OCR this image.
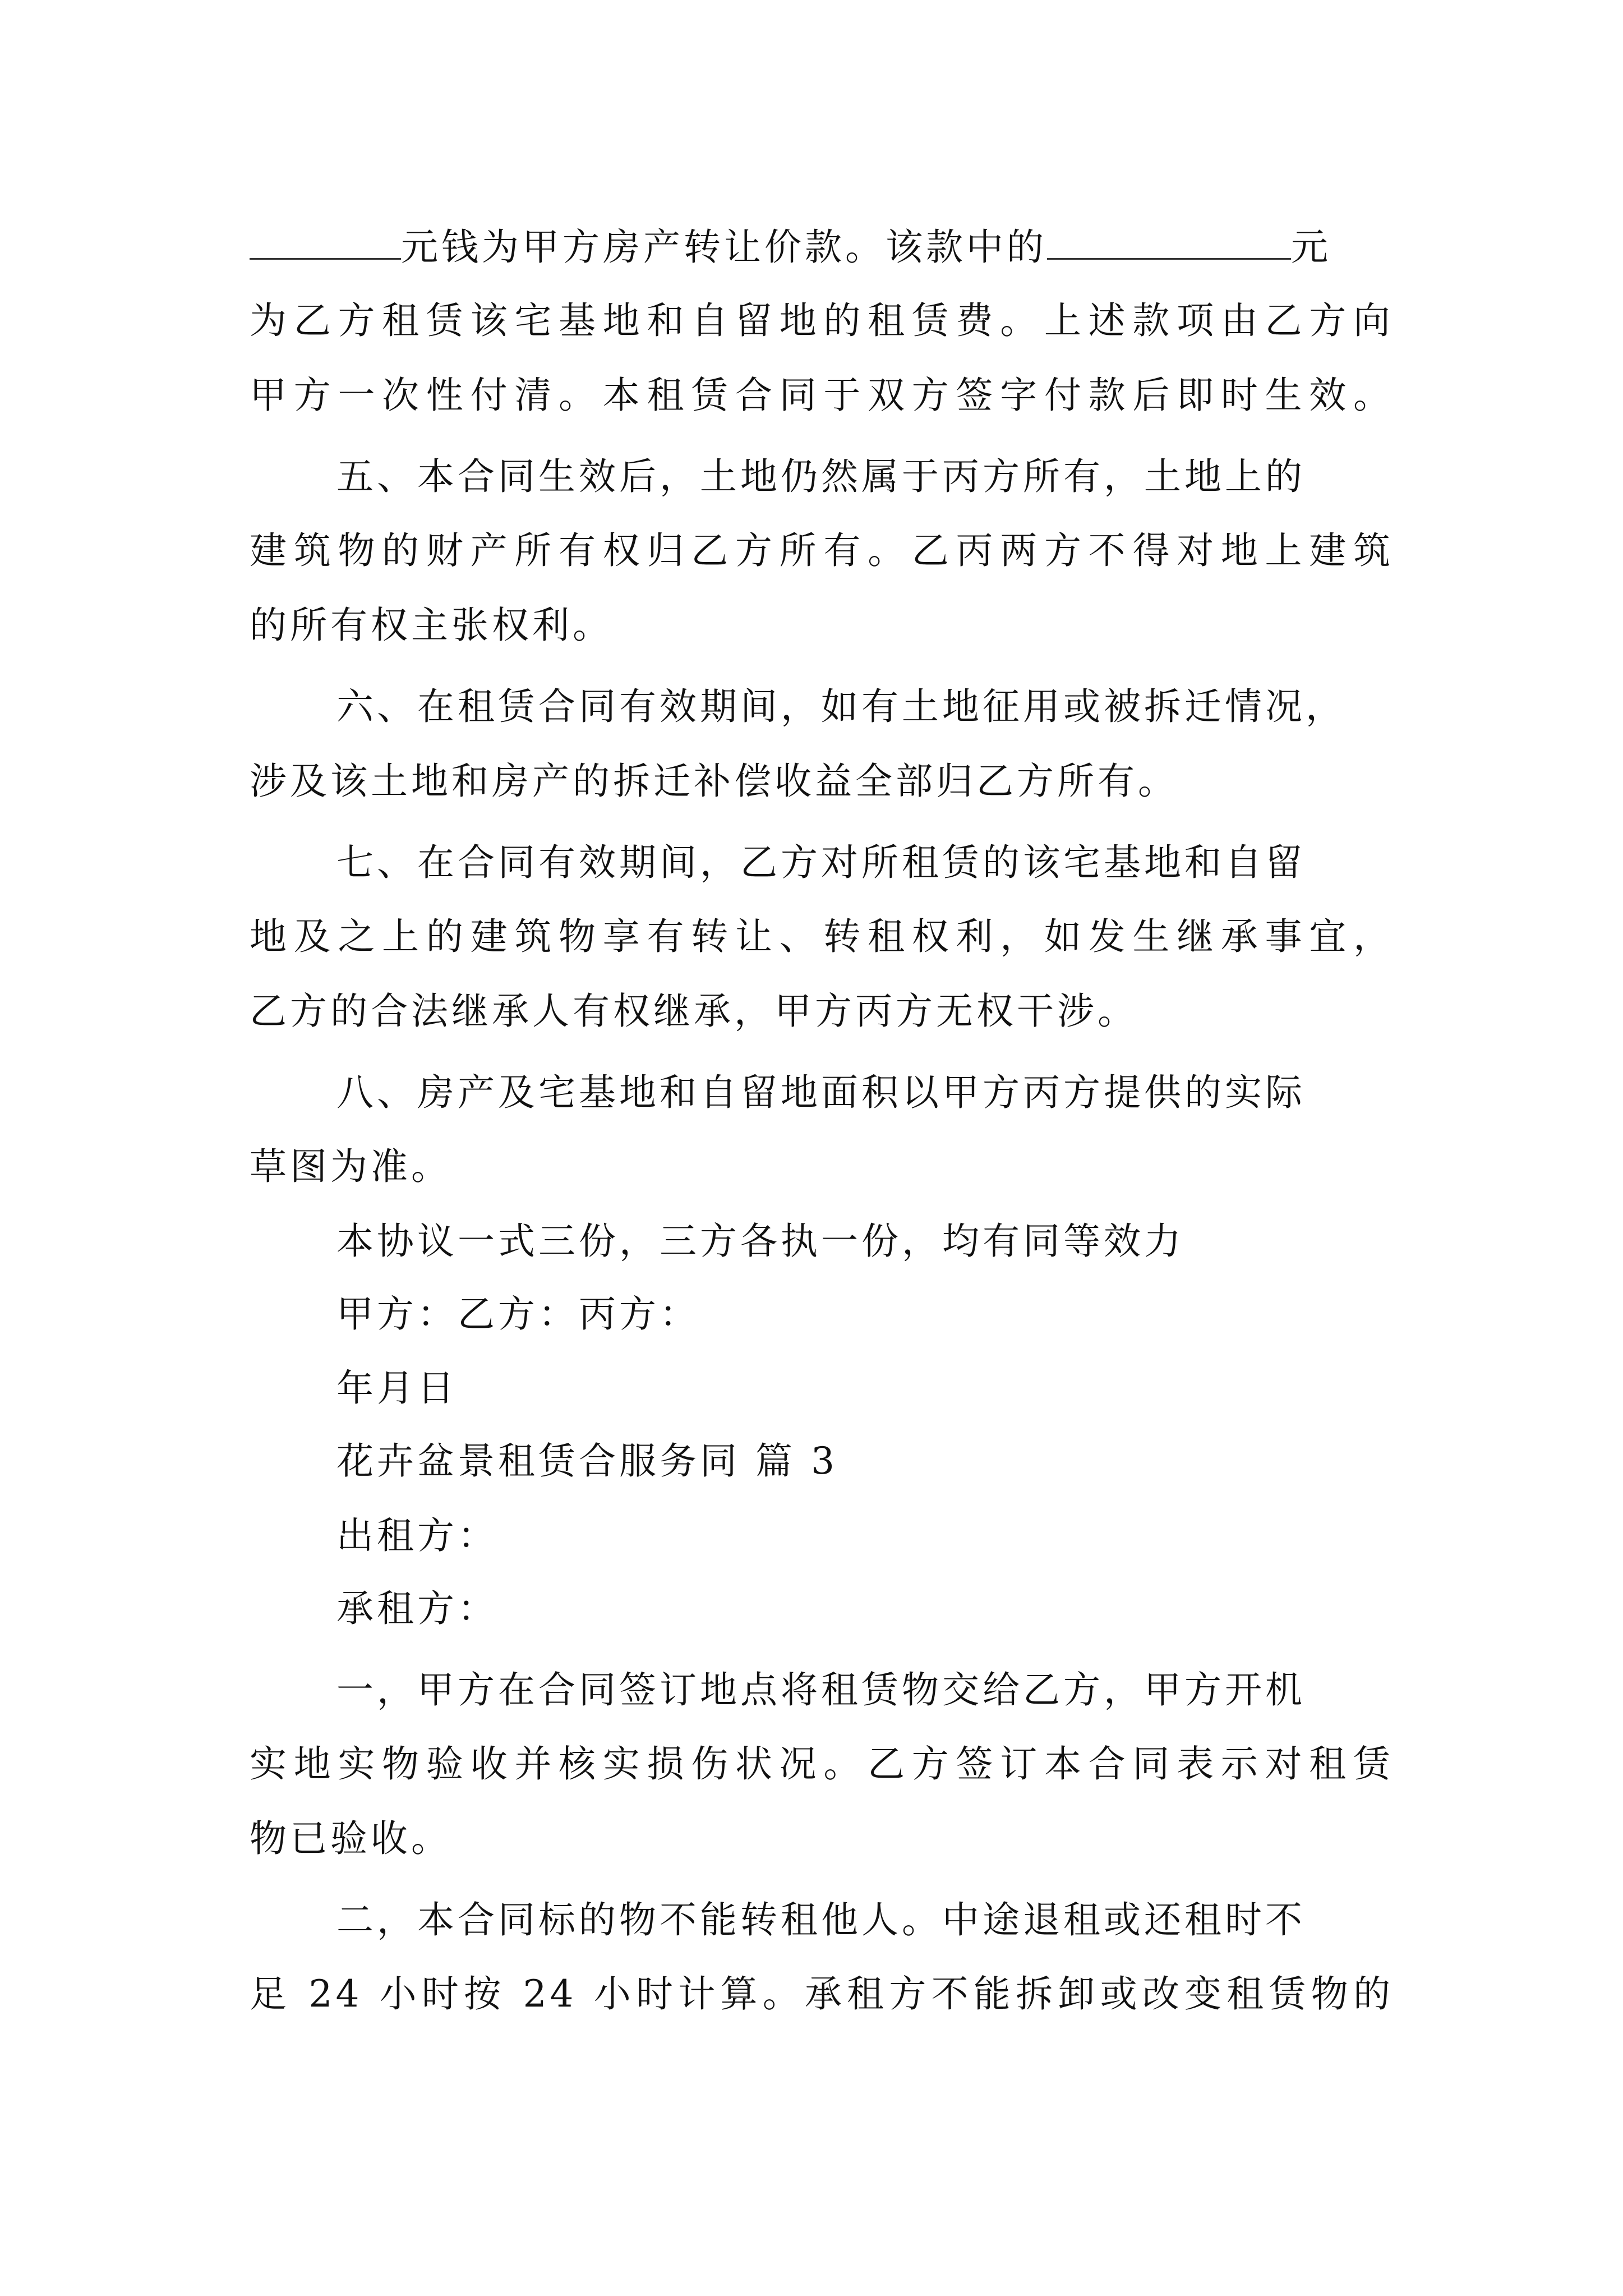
元钱为甲方房产转让价款。该款中的	元
为乙方租赁该宅基地和自留地的租赁费。上述款项由乙方向
甲方一次性付清。本租赁合同于双方签字付款后即时生效。
五、本合同生效后，土地仍然属于丙方所有，土地上的
建筑物的财产所有权归乙方所有。乙丙两方不得对地上建筑
的所有权主张权利。
六、在租赁合同有效期间，如有土地征用或被拆迁情况，
涉及该土地和房产的拆迁补偿收益全部归乙方所有。
七、在合同有效期间，乙方对所租赁的该宅基地和自留
地及之上的建筑物享有转让、转租权利，如发生继承事宜，
乙方的合法继承人有权继承，甲方丙方无权干涉。
八、房产及宅基地和自留地面积以甲方丙方提供的实际
草图为准。
本协议一式三份，三方各执一份，均有同等效力
甲方：乙方：丙方：
年月日
花卉盆景租赁合服务同 篇 3
出租方：
承租方：
一，甲方在合同签订地点将租赁物交给乙方，甲方开机
实地实物验收并核实损伤状况。乙方签订本合同表示对租赁
物已验收。
二，本合同标的物不能转租他人。中途退租或还租时不
足 24 小时按 24 小时计算。承租方不能拆卸或改变租赁物的
